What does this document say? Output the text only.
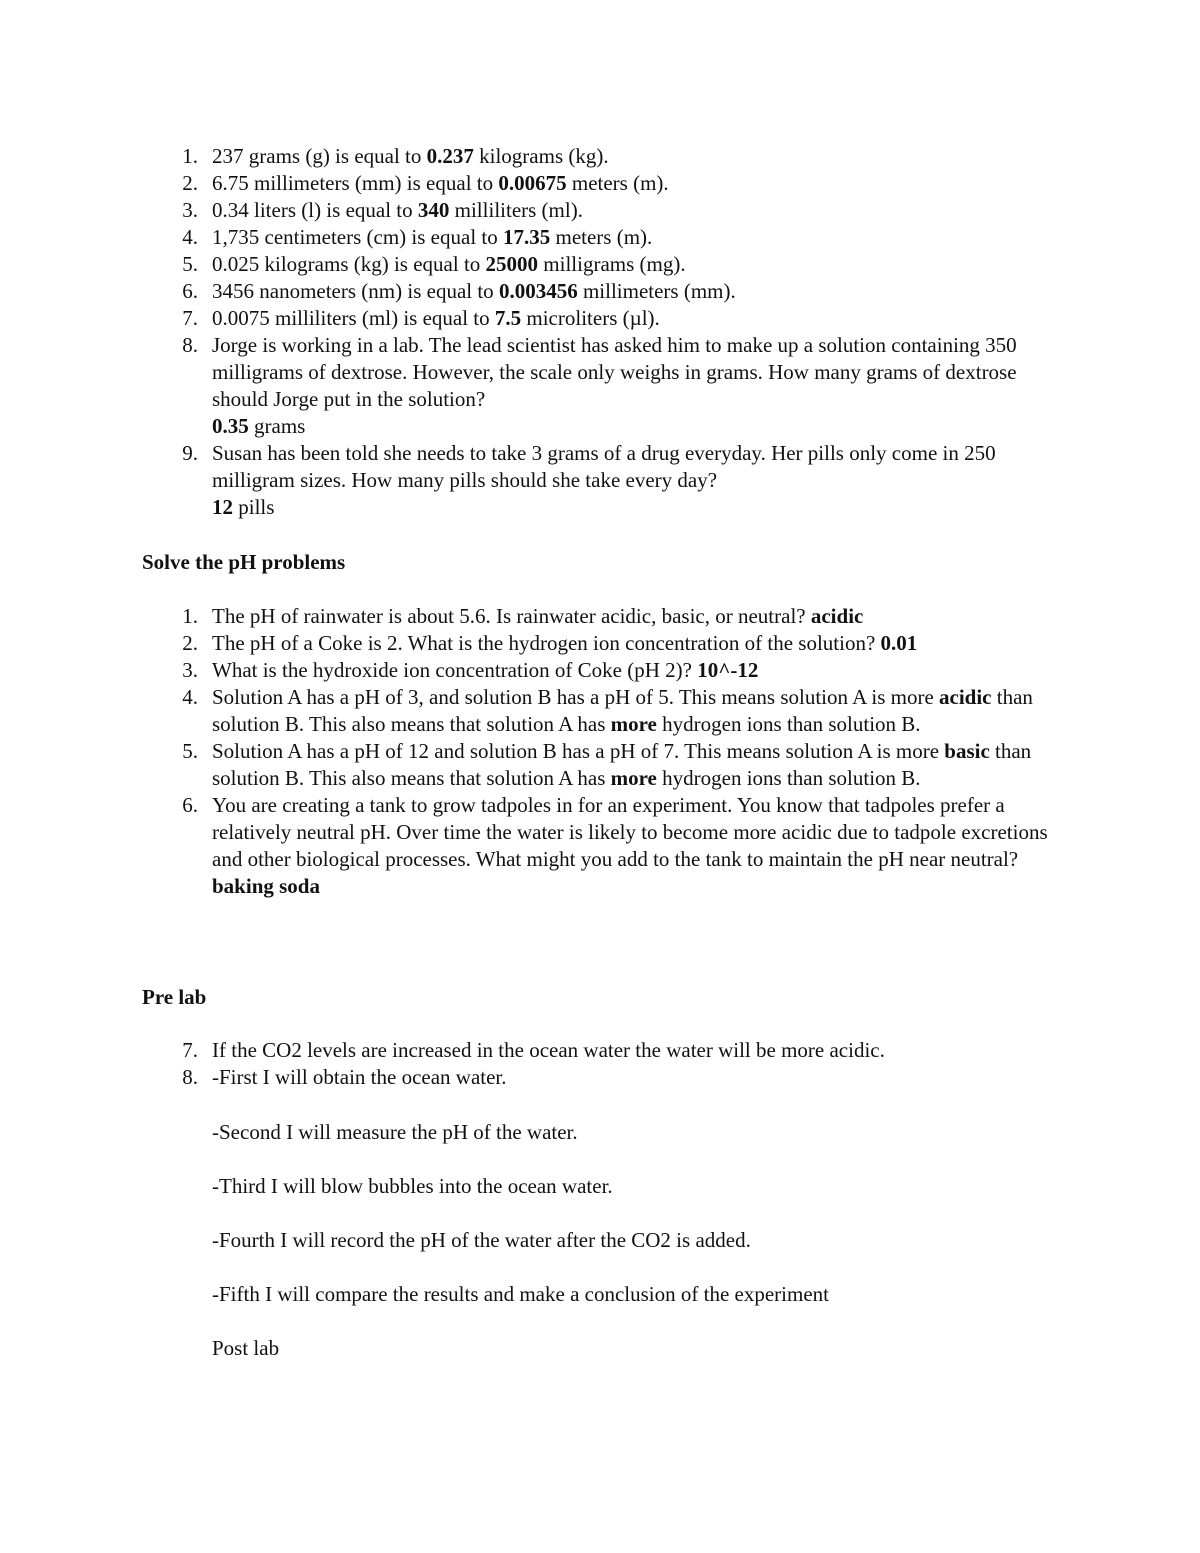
1. 237 grams (g) is equal to 0.237 kilograms (kg).
2. 6.75 millimeters (mm) is equal to 0.00675 meters (m).
3. 0.34 liters (l) is equal to 340 milliliters (ml).
4. 1,735 centimeters (cm) is equal to 17.35 meters (m).
5. 0.025 kilograms (kg) is equal to 25000 milligrams (mg).
6. 3456 nanometers (nm) is equal to 0.003456 millimeters (mm).
7. 0.0075 milliliters (ml) is equal to 7.5 microliters (µl).
8. Jorge is working in a lab. The lead scientist has asked him to make up a solution containing 350 milligrams of dextrose. However, the scale only weighs in grams. How many grams of dextrose should Jorge put in the solution?
0.35 grams
9. Susan has been told she needs to take 3 grams of a drug everyday. Her pills only come in 250 milligram sizes. How many pills should she take every day?
12 pills
Solve the pH problems
1. The pH of rainwater is about 5.6. Is rainwater acidic, basic, or neutral? acidic
2. The pH of a Coke is 2. What is the hydrogen ion concentration of the solution? 0.01
3. What is the hydroxide ion concentration of Coke (pH 2)? 10^-12
4. Solution A has a pH of 3, and solution B has a pH of 5. This means solution A is more acidic than solution B. This also means that solution A has more hydrogen ions than solution B.
5. Solution A has a pH of 12 and solution B has a pH of 7. This means solution A is more basic than solution B. This also means that solution A has more hydrogen ions than solution B.
6. You are creating a tank to grow tadpoles in for an experiment. You know that tadpoles prefer a relatively neutral pH. Over time the water is likely to become more acidic due to tadpole excretions and other biological processes. What might you add to the tank to maintain the pH near neutral? baking soda
Pre lab
7. If the CO2 levels are increased in the ocean water the water will be more acidic.
8. -First I will obtain the ocean water.
-Second I will measure the pH of the water.
-Third I will blow bubbles into the ocean water.
-Fourth I will record the pH of the water after the CO2 is added.
-Fifth I will compare the results and make a conclusion of the experiment
Post lab
